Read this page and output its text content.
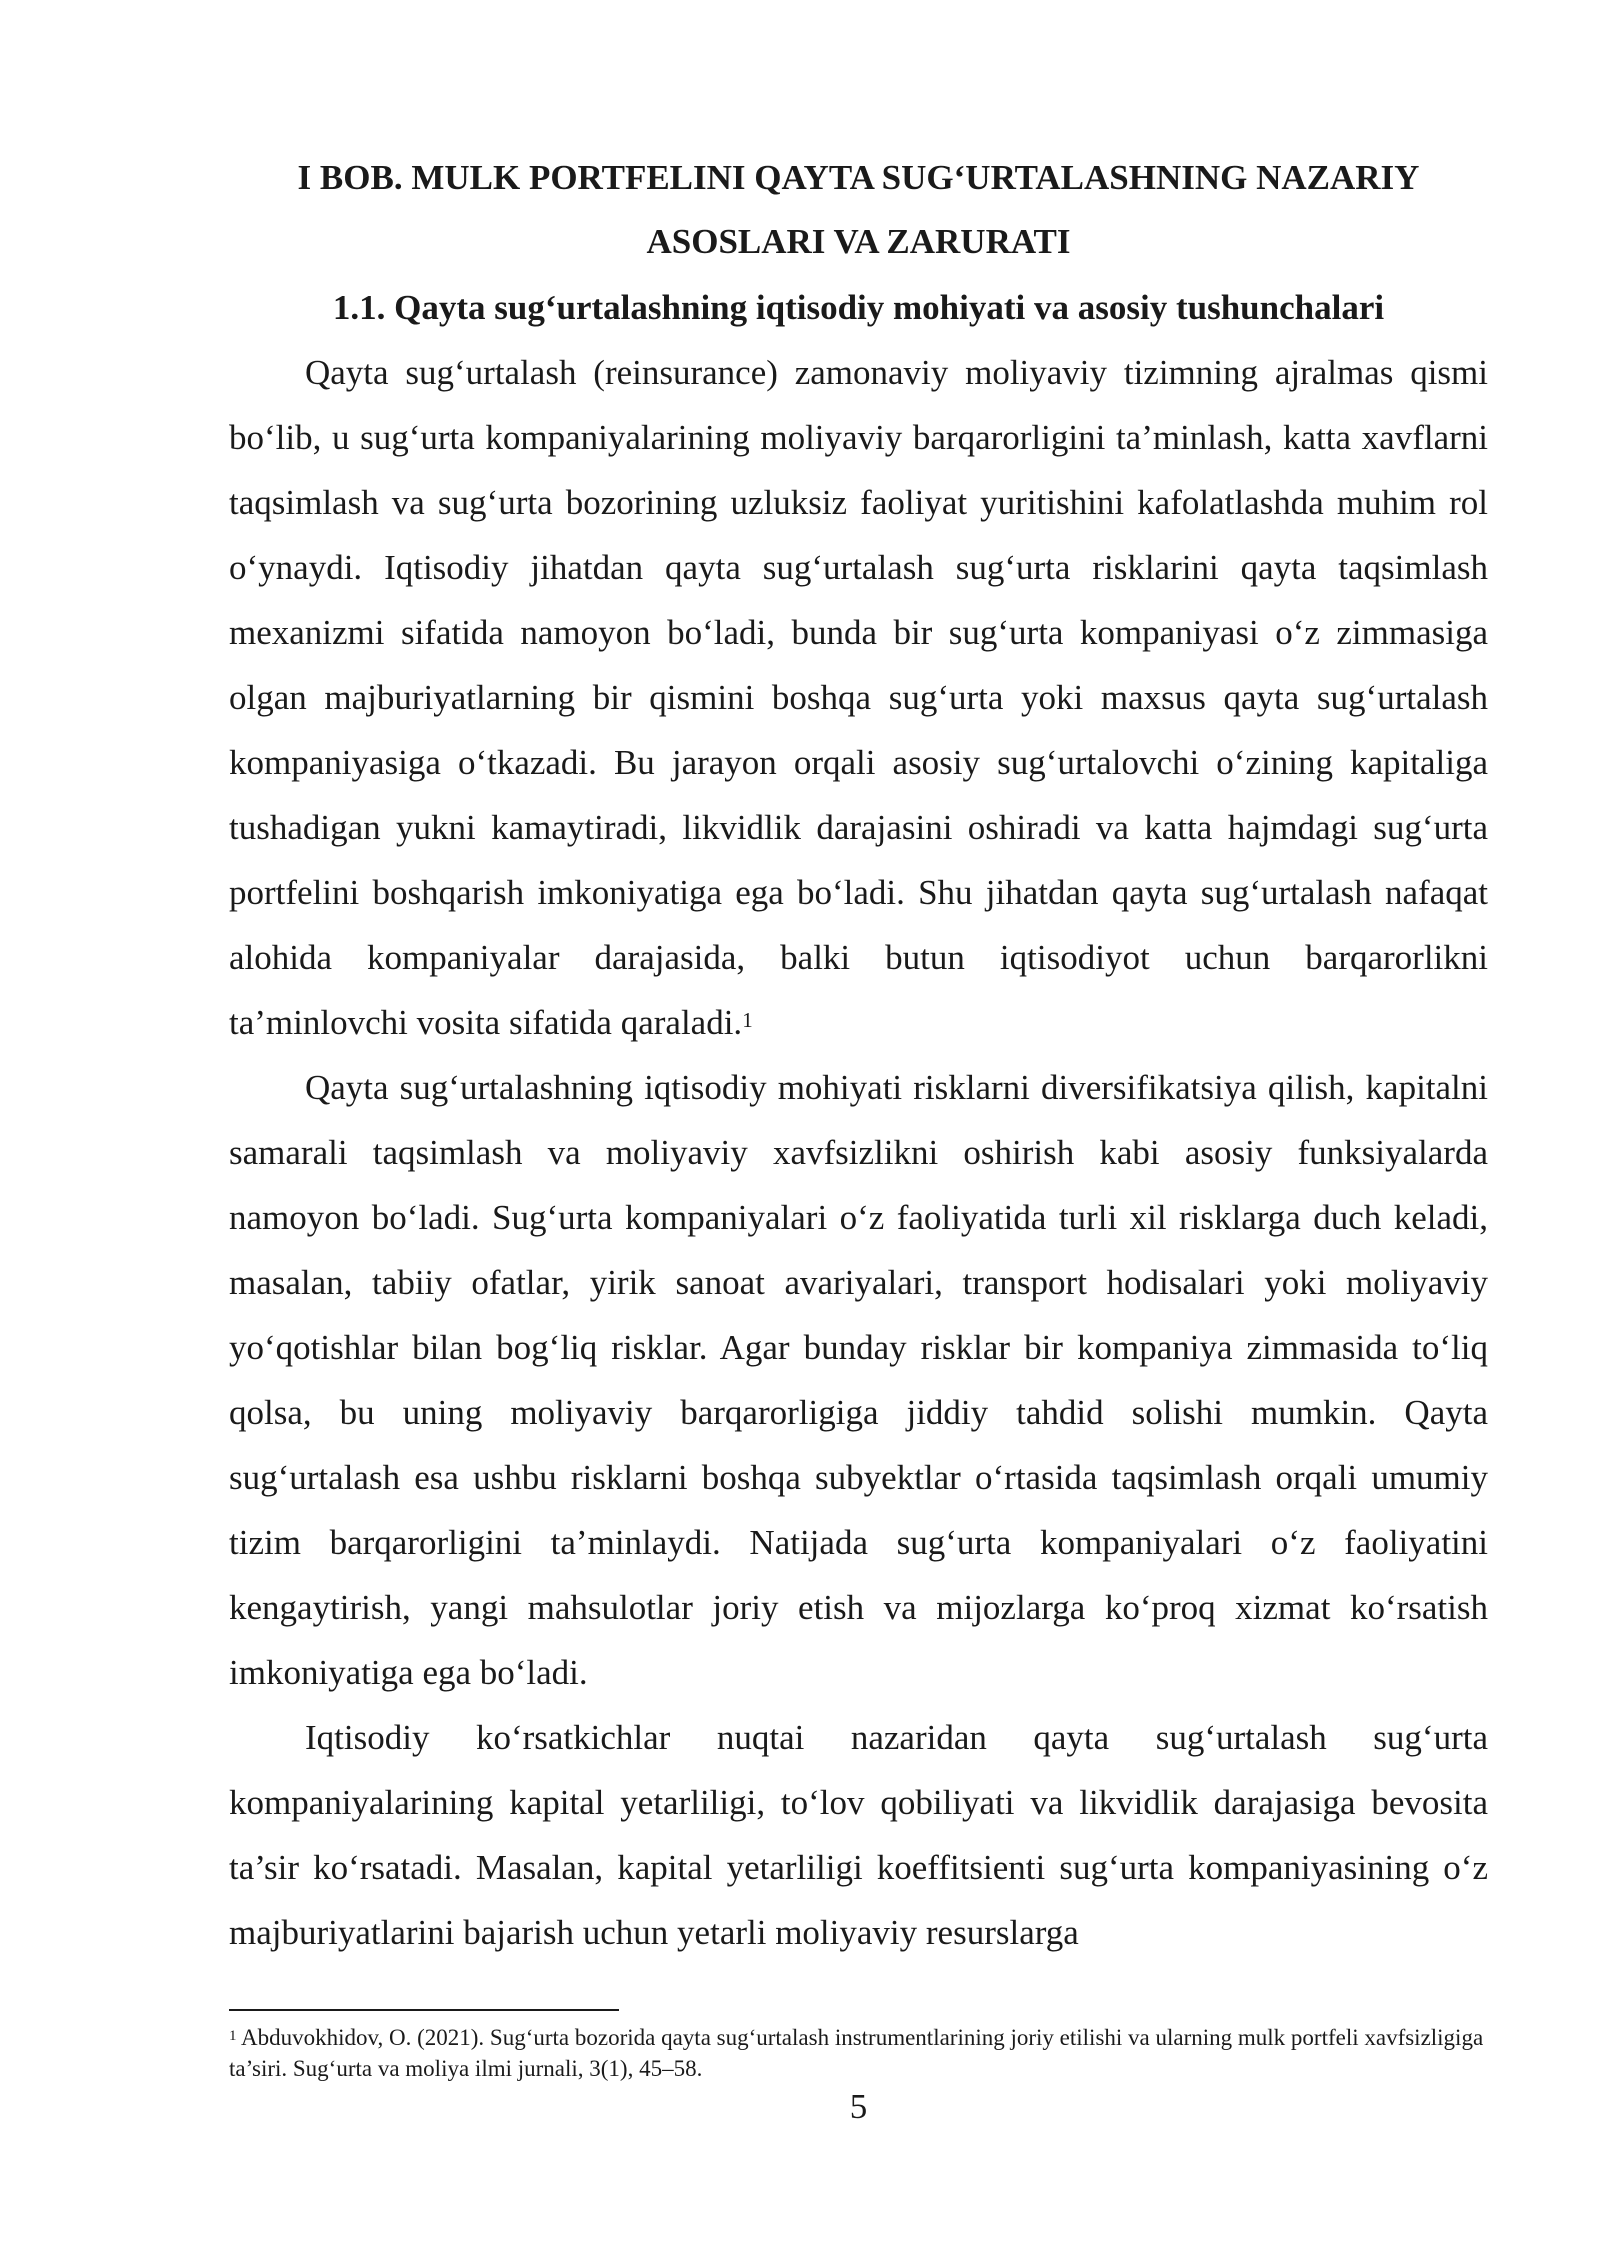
I BOB. MULK PORTFELINI QAYTA SUG‘URTALASHNING NAZARIY
ASOSLARI VA ZARURATI
1.1. Qayta sug‘urtalashning iqtisodiy mohiyati va asosiy tushunchalari

Qayta sug‘urtalash (reinsurance) zamonaviy moliyaviy tizimning ajralmas qismi bo‘lib, u sug‘urta kompaniyalarining moliyaviy barqarorligini ta’minlash, katta xavflarni taqsimlash va sug‘urta bozorining uzluksiz faoliyat yuritishini kafolatlashda muhim rol o‘ynaydi. Iqtisodiy jihatdan qayta sug‘urtalash sug‘urta risklarini qayta taqsimlash mexanizmi sifatida namoyon bo‘ladi, bunda bir sug‘urta kompaniyasi o‘z zimmasiga olgan majburiyatlarning bir qismini boshqa sug‘urta yoki maxsus qayta sug‘urtalash kompaniyasiga o‘tkazadi. Bu jarayon orqali asosiy sug‘urtalovchi o‘zining kapitaliga tushadigan yukni kamaytiradi, likvidlik darajasini oshiradi va katta hajmdagi sug‘urta portfelini boshqarish imkoniyatiga ega bo‘ladi. Shu jihatdan qayta sug‘urtalash nafaqat alohida kompaniyalar darajasida, balki butun iqtisodiyot uchun barqarorlikni ta’minlovchi vosita sifatida qaraladi.$^1$

Qayta sug‘urtalashning iqtisodiy mohiyati risklarni diversifikatsiya qilish, kapitalni samarali taqsimlash va moliyaviy xavfsizlikni oshirish kabi asosiy funksiyalarda namoyon bo‘ladi. Sug‘urta kompaniyalari o‘z faoliyatida turli xil risklarga duch keladi, masalan, tabiiy ofatlar, yirik sanoat avariyalari, transport hodisalari yoki moliyaviy yo‘qotishlar bilan bog‘liq risklar. Agar bunday risklar bir kompaniya zimmasida to‘liq qolsa, bu uning moliyaviy barqarorligiga jiddiy tahdid solishi mumkin. Qayta sug‘urtalash esa ushbu risklarni boshqa subyektlar o‘rtasida taqsimlash orqali umumiy tizim barqarorligini ta’minlaydi. Natijada sug‘urta kompaniyalari o‘z faoliyatini kengaytirish, yangi mahsulotlar joriy etish va mijozlarga ko‘proq xizmat ko‘rsatish imkoniyatiga ega bo‘ladi.

Iqtisodiy ko‘rsatkichlar nuqtai nazaridan qayta sug‘urtalash sug‘urta kompaniyalarining kapital yetarliligi, to‘lov qobiliyati va likvidlik darajasiga bevosita ta’sir ko‘rsatadi. Masalan, kapital yetarliligi koeffitsienti sug‘urta kompaniyasining o‘z majburiyatlarini bajarish uchun yetarli moliyaviy resurslarga

$^1$ Abduvokhidov, O. (2021). Sug‘urta bozorida qayta sug‘urtalash instrumentlarining joriy etilishi va ularning mulk portfeli xavfsizligiga ta’siri. Sug‘urta va moliya ilmi jurnali, 3(1), 45–58.

5
